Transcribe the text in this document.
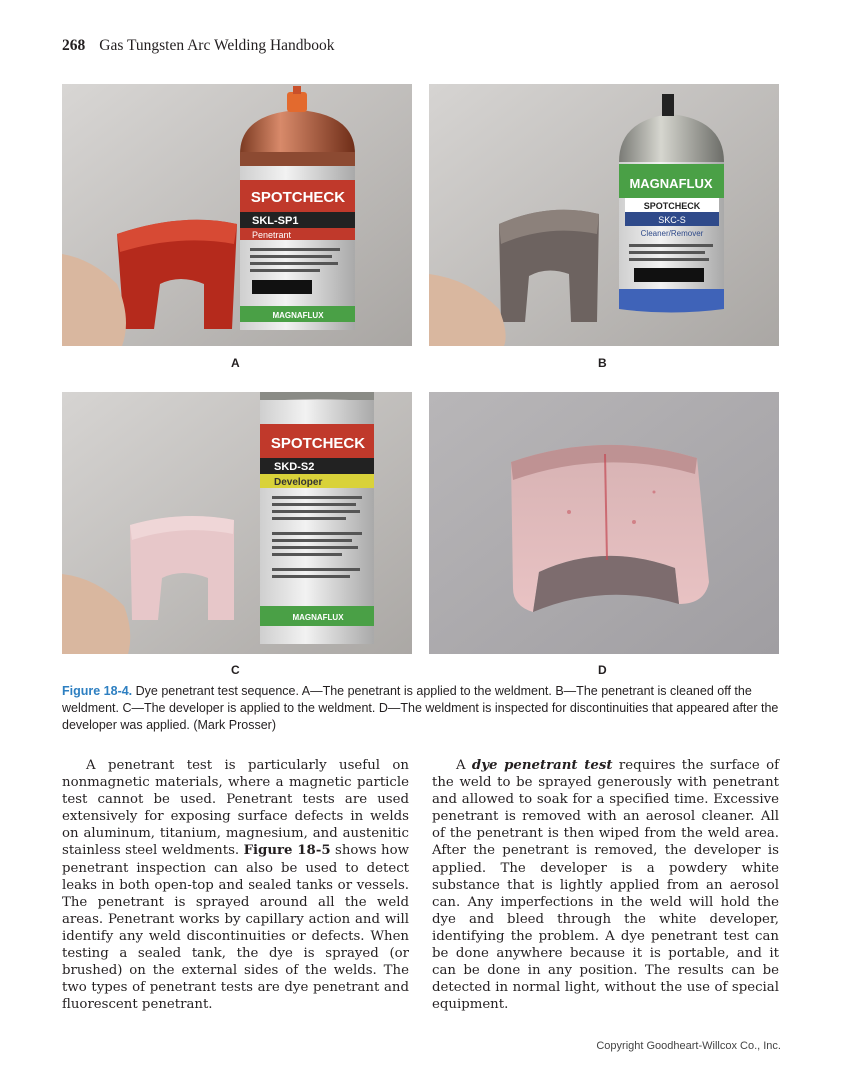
268 Gas Tungsten Arc Welding Handbook
SPOTCHECK
SKL-SP1
Penetrant
MAGNAFLUX
A
MAGNAFLUX
SPOTCHECK
SKC-S
Cleaner/Remover
B
SPOTCHECK
SKD-S2
Developer
MAGNAFLUX
C	D
Figure 18-4. Dye penetrant test sequence. A—The penetrant is applied to the weldment. B—The penetrant is cleaned off the weldment. C—The developer is applied to the weldment. D—The weldment is inspected for discontinuities that appeared after the developer was applied. (Mark Prosser)

A penetrant test is particularly useful on nonmagnetic materials, where a magnetic particle test cannot be used. Penetrant tests are used extensively for exposing surface defects in welds on aluminum, titanium, magnesium, and austenitic stainless steel weldments. Figure 18-5 shows how penetrant inspection can also be used to detect leaks in both open-top and sealed tanks or vessels. The penetrant is sprayed around all the weld areas. Penetrant works by capillary action and will identify any weld discontinuities or defects. When testing a sealed tank, the dye is sprayed (or brushed) on the external sides of the welds. The two types of penetrant tests are dye penetrant and fluorescent penetrant.

A dye penetrant test requires the surface of the weld to be sprayed generously with penetrant and allowed to soak for a specified time. Excessive penetrant is removed with an aerosol cleaner. All of the penetrant is then wiped from the weld area. After the penetrant is removed, the developer is applied. The developer is a powdery white substance that is lightly applied from an aerosol can. Any imperfections in the weld will hold the dye and bleed through the white developer, identifying the problem. A dye penetrant test can be done anywhere because it is portable, and it can be done in any position. The results can be detected in normal light, without the use of special equipment.

Copyright Goodheart-Willcox Co., Inc.
